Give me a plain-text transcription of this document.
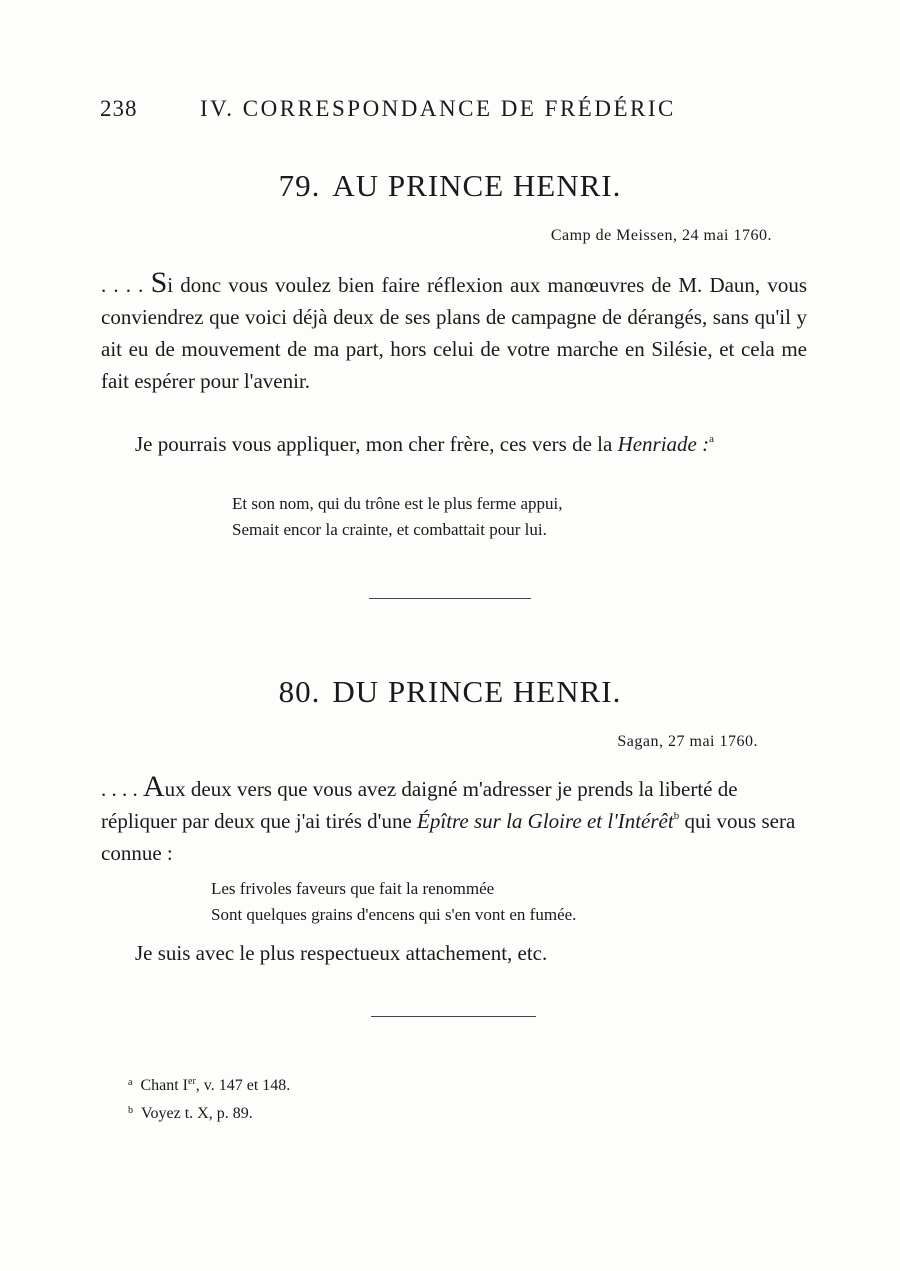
238	IV. CORRESPONDANCE DE FRÉDÉRIC
79. AU PRINCE HENRI.
Camp de Meissen, 24 mai 1760.

. . . . Si donc vous voulez bien faire réflexion aux manœuvres de M. Daun, vous conviendrez que voici déjà deux de ses plans de campagne de dérangés, sans qu'il y ait eu de mouvement de ma part, hors celui de votre marche en Silésie, et cela me fait espérer pour l'avenir.

Je pourrais vous appliquer, mon cher frère, ces vers de la Henriade :$^a$

Et son nom, qui du trône est le plus ferme appui,
Semait encor la crainte, et combattait pour lui.
80. DU PRINCE HENRI.
Sagan, 27 mai 1760.

. . . . Aux deux vers que vous avez daigné m'adresser je prends la liberté de répliquer par deux que j'ai tirés d'une Épître sur la Gloire et l'Intérêt$^b$ qui vous sera connue :

Les frivoles faveurs que fait la renommée
Sont quelques grains d'encens qui s'en vont en fumée.

Je suis avec le plus respectueux attachement, etc.

$^a$ Chant Ier, v. 147 et 148.
$^b$ Voyez t. X, p. 89.
